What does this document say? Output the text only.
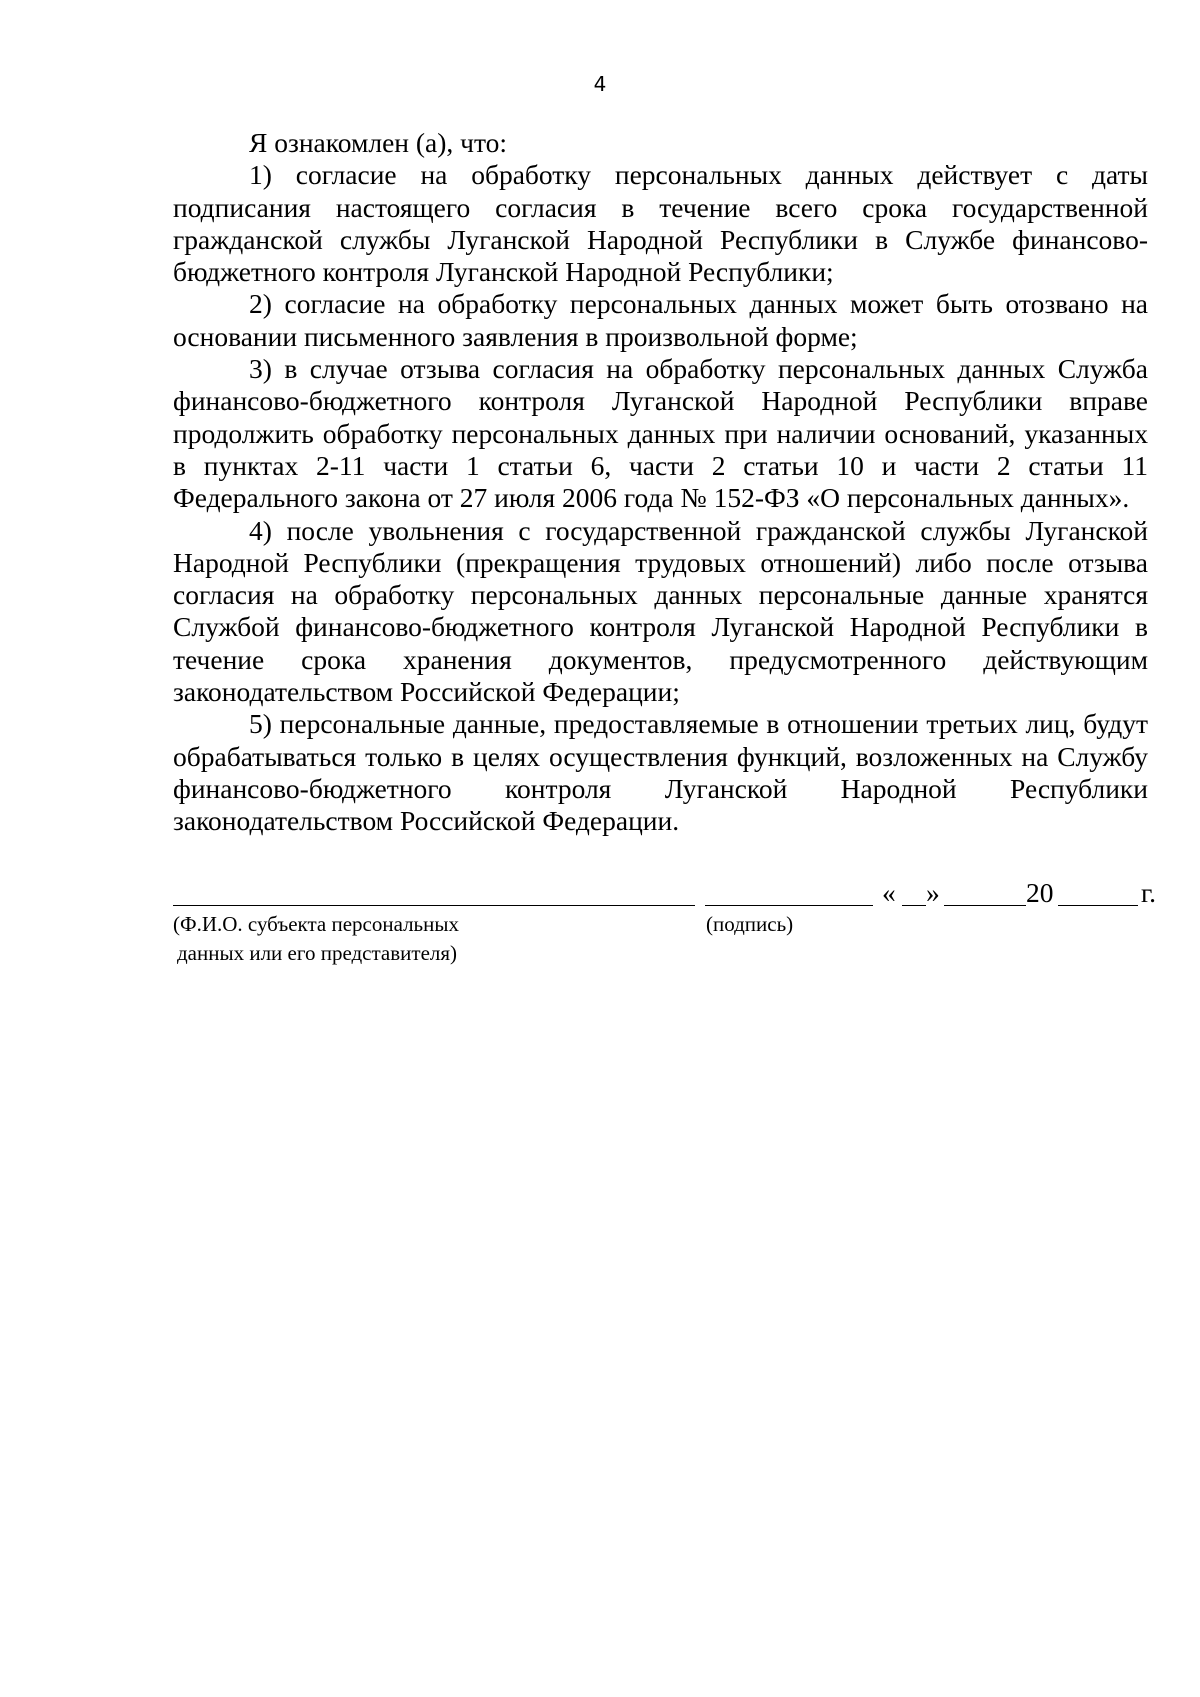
4

Я ознакомлен (а), что:

1) согласие на обработку персональных данных действует с даты подписания настоящего согласия в течение всего срока государственной гражданской службы Луганской Народной Республики в Службе финансово-бюджетного контроля Луганской Народной Республики;

2) согласие на обработку персональных данных может быть отозвано на основании письменного заявления в произвольной форме;

3) в случае отзыва согласия на обработку персональных данных Служба финансово-бюджетного контроля Луганской Народной Республики вправе продолжить обработку персональных данных при наличии оснований, указанных в пунктах 2-11 части 1 статьи 6, части 2 статьи 10 и части 2 статьи 11 Федерального закона от 27 июля 2006 года № 152-ФЗ «О персональных данных».

4) после увольнения с государственной гражданской службы Луганской Народной Республики (прекращения трудовых отношений) либо после отзыва согласия на обработку персональных данных персональные данные хранятся Службой финансово-бюджетного контроля Луганской Народной Республики в течение срока хранения документов, предусмотренного действующим законодательством Российской Федерации;

5) персональные данные, предоставляемые в отношении третьих лиц, будут обрабатываться только в целях осуществления функций, возложенных на Службу финансово-бюджетного контроля Луганской Народной Республики законодательством Российской Федерации.

« »	20	г.
(Ф.И.О. субъекта персональных
данных или его представителя)
(подпись)
